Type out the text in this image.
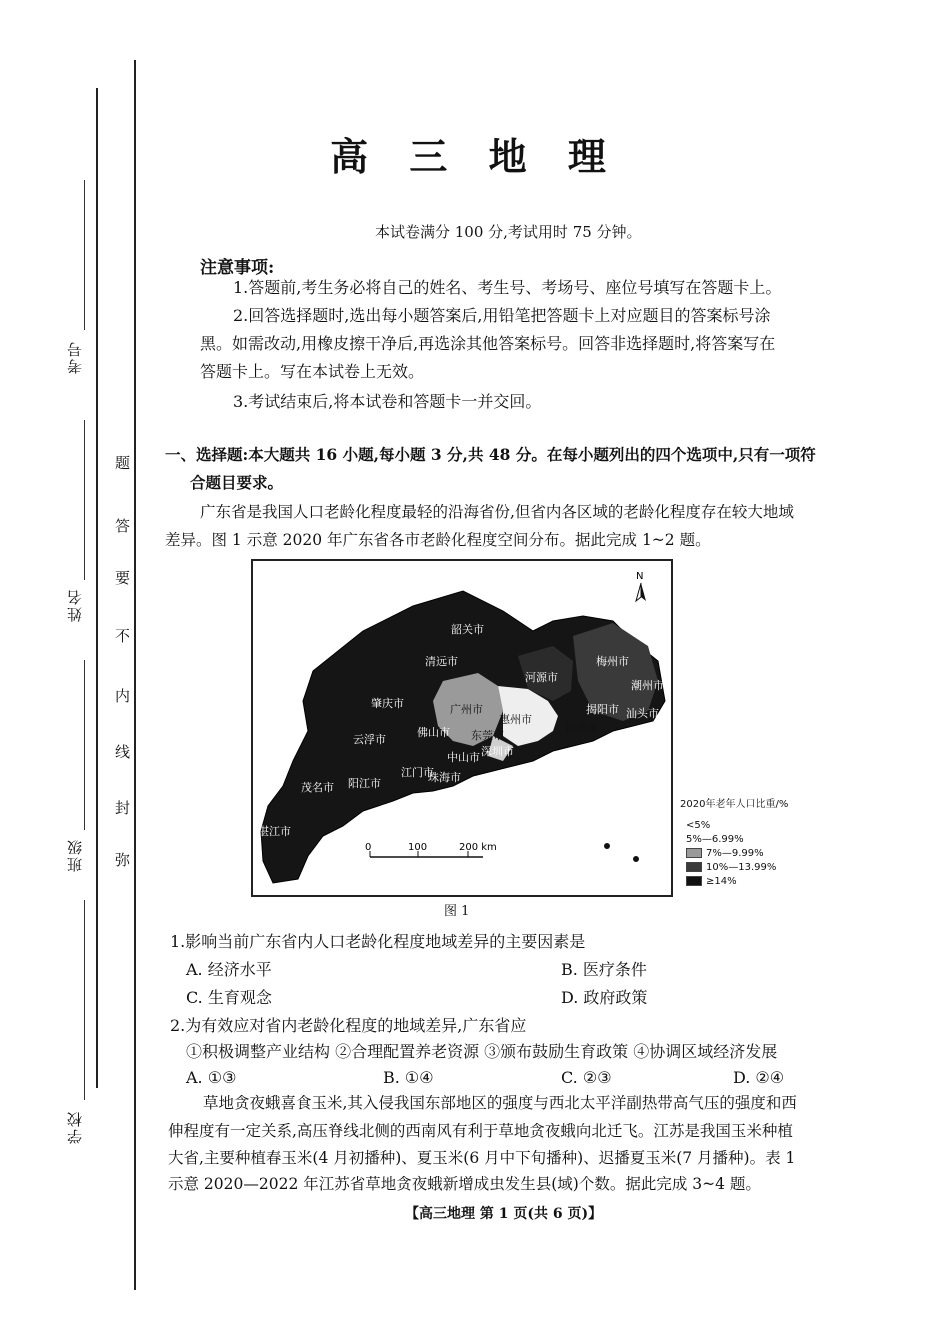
考号
姓名
班级
学校
题
答
要
不
内
线
封
弥
高 三 地 理
本试卷满分 100 分,考试用时 75 分钟。
注意事项:
1.答题前,考生务必将自己的姓名、考生号、考场号、座位号填写在答题卡上。
2.回答选择题时,选出每小题答案后,用铅笔把答题卡上对应题目的答案标号涂
黑。如需改动,用橡皮擦干净后,再选涂其他答案标号。回答非选择题时,将答案写在
答题卡上。写在本试卷上无效。
3.考试结束后,将本试卷和答题卡一并交回。
一、选择题:本大题共 16 小题,每小题 3 分,共 48 分。在每小题列出的四个选项中,只有一项符
合题目要求。
广东省是我国人口老龄化程度最轻的沿海省份,但省内各区域的老龄化程度存在较大地域
差异。图 1 示意 2020 年广东省各市老龄化程度空间分布。据此完成 1~2 题。
N
0	100	200 km
韶关市
清远市
河源市
梅州市
潮州市
肇庆市	广州市
惠州市
揭阳市 汕头市
云浮市
佛山市 东莞市
汕尾市
中山市 深圳市
江门市
珠海市
茂名市 阳江市
湛江市
2020年老年人口比重/%
<5%
5%—6.99%
7%—9.99%
10%—13.99%
≥14%
图 1
1.影响当前广东省内人口老龄化程度地域差异的主要因素是
A. 经济水平	B. 医疗条件
C. 生育观念	D. 政府政策
2.为有效应对省内老龄化程度的地域差异,广东省应
①积极调整产业结构 ②合理配置养老资源 ③颁布鼓励生育政策 ④协调区域经济发展
A. ①③	B. ①④	C. ②③	D. ②④
草地贪夜蛾喜食玉米,其入侵我国东部地区的强度与西北太平洋副热带高气压的强度和西
伸程度有一定关系,高压脊线北侧的西南风有利于草地贪夜蛾向北迁飞。江苏是我国玉米种植
大省,主要种植春玉米(4 月初播种)、夏玉米(6 月中下旬播种)、迟播夏玉米(7 月播种)。表 1
示意 2020—2022 年江苏省草地贪夜蛾新增成虫发生县(域)个数。据此完成 3~4 题。
【高三地理 第 1 页(共 6 页)】
